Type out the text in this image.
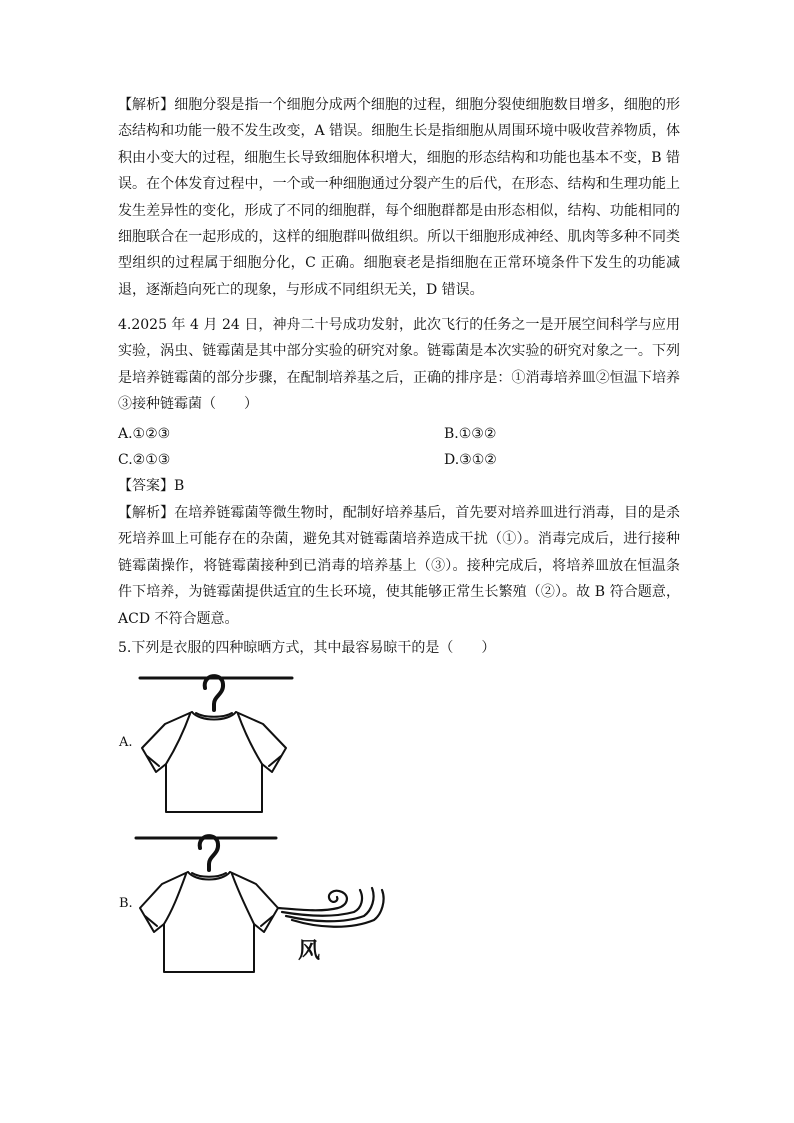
【解析】细胞分裂是指一个细胞分成两个细胞的过程，细胞分裂使细胞数目增多，细胞的形态结构和功能一般不发生改变，A 错误。细胞生长是指细胞从周围环境中吸收营养物质，体积由小变大的过程，细胞生长导致细胞体积增大，细胞的形态结构和功能也基本不变，B 错误。在个体发育过程中，一个或一种细胞通过分裂产生的后代，在形态、结构和生理功能上发生差异性的变化，形成了不同的细胞群，每个细胞群都是由形态相似，结构、功能相同的细胞联合在一起形成的，这样的细胞群叫做组织。所以干细胞形成神经、肌肉等多种不同类型组织的过程属于细胞分化，C 正确。细胞衰老是指细胞在正常环境条件下发生的功能减退，逐渐趋向死亡的现象，与形成不同组织无关，D 错误。
4.2025 年 4 月 24 日，神舟二十号成功发射，此次飞行的任务之一是开展空间科学与应用实验，涡虫、链霉菌是其中部分实验的研究对象。链霉菌是本次实验的研究对象之一。下列是培养链霉菌的部分步骤，在配制培养基之后，正确的排序是：①消毒培养皿②恒温下培养③接种链霉菌（　　）
A.①②③	B.①③②
C.②①③	D.③①②
【答案】B
【解析】在培养链霉菌等微生物时，配制好培养基后，首先要对培养皿进行消毒，目的是杀死培养皿上可能存在的杂菌，避免其对链霉菌培养造成干扰（①）。消毒完成后，进行接种链霉菌操作，将链霉菌接种到已消毒的培养基上（③）。接种完成后，将培养皿放在恒温条件下培养，为链霉菌提供适宜的生长环境，使其能够正常生长繁殖（②）。故 B 符合题意，ACD 不符合题意。
5.下列是衣服的四种晾晒方式，其中最容易晾干的是（　　）
A.
B.
风
